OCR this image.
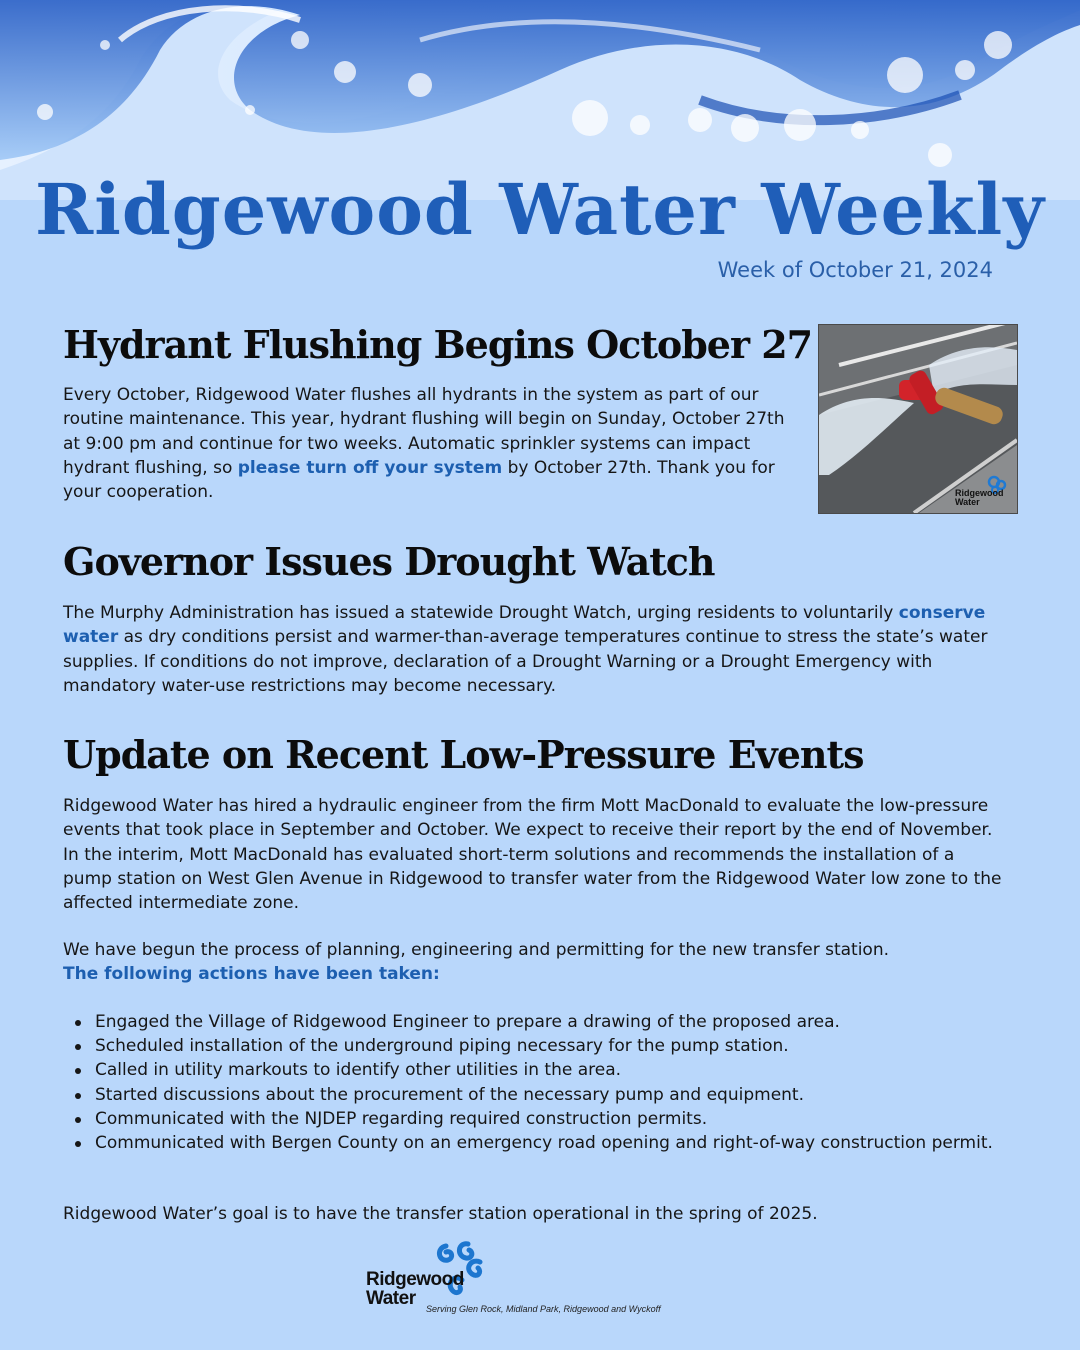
Ridgewood Water Weekly
Week of October 21, 2024
Hydrant Flushing Begins October 27

Every October, Ridgewood Water flushes all hydrants in the system as part of our routine maintenance. This year, hydrant flushing will begin on Sunday, October 27th at 9:00 pm and continue for two weeks. Automatic sprinkler systems can impact hydrant flushing, so please turn off your system by October 27th. Thank you for your cooperation.	Ridgewood
Water
Governor Issues Drought Watch

The Murphy Administration has issued a statewide Drought Watch, urging residents to voluntarily conserve water as dry conditions persist and warmer-than-average temperatures continue to stress the state’s water supplies. If conditions do not improve, declaration of a Drought Warning or a Drought Emergency with mandatory water-use restrictions may become necessary.

Update on Recent Low-Pressure Events

Ridgewood Water has hired a hydraulic engineer from the firm Mott MacDonald to evaluate the low-pressure events that took place in September and October. We expect to receive their report by the end of November. In the interim, Mott MacDonald has evaluated short-term solutions and recommends the installation of a pump station on West Glen Avenue in Ridgewood to transfer water from the Ridgewood Water low zone to the affected intermediate zone.

We have begun the process of planning, engineering and permitting for the new transfer station.
The following actions have been taken:

Engaged the Village of Ridgewood Engineer to prepare a drawing of the proposed area.
Scheduled installation of the underground piping necessary for the pump station.
Called in utility markouts to identify other utilities in the area.
Started discussions about the procurement of the necessary pump and equipment.
Communicated with the NJDEP regarding required construction permits.
Communicated with Bergen County on an emergency road opening and right-of-way construction permit.

Ridgewood Water’s goal is to have the transfer station operational in the spring of 2025.

Ridgewood
Water	Serving Glen Rock, Midland Park, Ridgewood and Wyckoff
